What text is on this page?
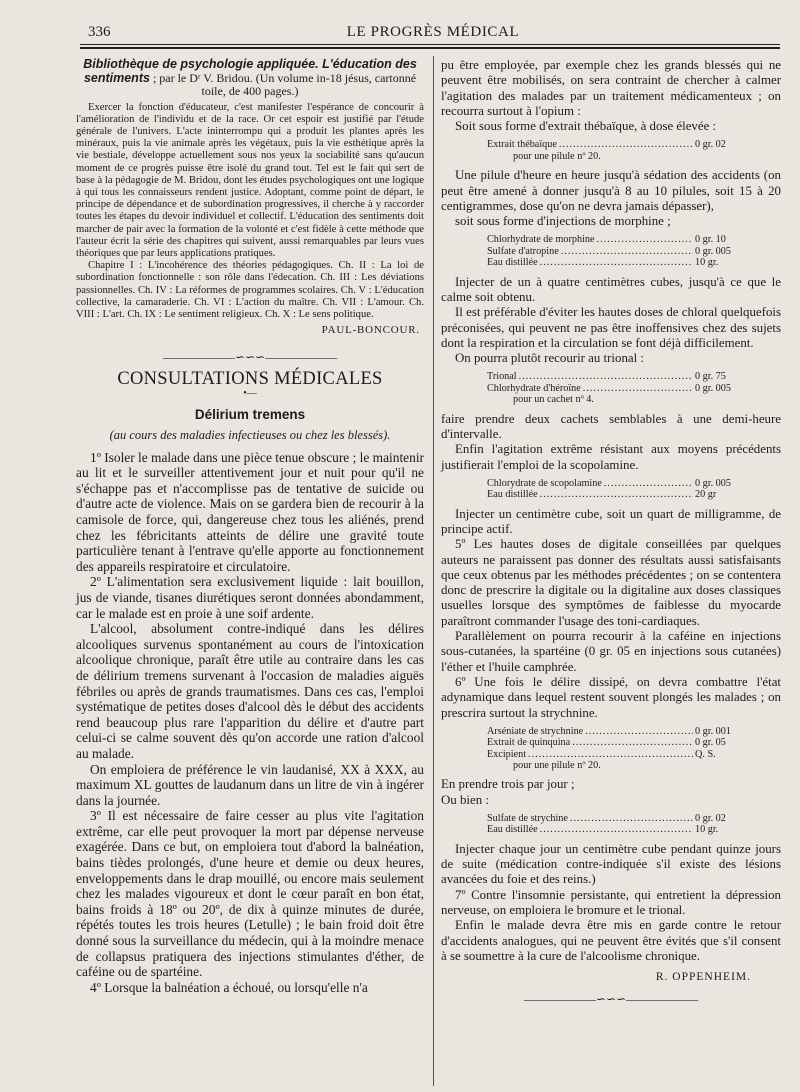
336	LE PROGRÈS MÉDICAL

Bibliothèque de psychologie appliquée. L'éducation des sentiments ; par le Dʳ V. Bridou. (Un volume in-18 jésus, cartonné toile, de 400 pages.)

Exercer la fonction d'éducateur, c'est manifester l'espérance de concourir à l'amélioration de l'individu et de la race. Or cet espoir est justifié par l'étude générale de l'univers. L'acte ininterrompu qui a produit les plantes après les minéraux, puis la vie animale après les végétaux, puis la vie esthétique après la vie bestiale, développe actuellement sous nos yeux la sociabilité sans qu'aucun moment de ce progrès puisse être isolé du grand tout. Tel est le fait qui sert de base à la pédagogie de M. Bridou, dont les études psychologiques ont une logique à qui tous les connaisseurs rendent justice. Adoptant, comme point de départ, le principe de dépendance et de subordination progressives, il cherche à y raccorder toutes les étapes du devoir individuel et collectif. L'éducation des sentiments doit marcher de pair avec la formation de la volonté et c'est fidèle à cette méthode que l'auteur écrit la série des chapitres qui suivent, aussi remarquables par leurs vues théoriques que par leurs applications pratiques.

Chapitre I : L'incohérence des théories pédagogiques. Ch. II : La loi de subordination fonctionnelle : son rôle dans l'édecation. Ch. III : Les déviations passionnelles. Ch. IV : La réformes de programmes scolaires. Ch. V : L'éducation collective, la camaraderie. Ch. VI : L'action du maître. Ch. VII : L'amour. Ch. VIII : L'art. Ch. IX : Le sentiment religieux. Ch. X : Le sens politique.

PAUL-BONCOUR.
——————∽∽∽——————
CONSULTATIONS MÉDICALES
•—
Délirium tremens
(au cours des maladies infectieuses ou chez les blessés).

1º Isoler le malade dans une pièce tenue obscure ; le maintenir au lit et le surveiller attentivement jour et nuit pour qu'il ne s'échappe pas et n'accomplisse pas de tentative de suicide ou d'autre acte de violence. Mais on se gardera bien de recourir à la camisole de force, qui, dangereuse chez tous les aliénés, prend chez les fébricitants atteints de délire une gravité toute particulière tenant à l'entrave qu'elle apporte au fonctionnement des appareils respiratoire et circulatoire.

2º L'alimentation sera exclusivement liquide : lait bouillon, jus de viande, tisanes diurétiques seront données abondamment, car le malade est en proie à une soif ardente.

L'alcool, absolument contre-indiqué dans les délires alcooliques survenus spontanément au cours de l'intoxication alcoolique chronique, paraît être utile au contraire dans les cas de délirium tremens survenant à l'occasion de maladies aiguës fébriles ou après de grands traumatismes. Dans ces cas, l'emploi systématique de petites doses d'alcool dès le début des accidents rend beaucoup plus rare l'apparition du délire et d'autre part celui-ci se calme souvent dès qu'on accorde une ration d'alcool au malade.

On emploiera de préférence le vin laudanisé, XX à XXX, au maximum XL gouttes de laudanum dans un litre de vin à ingérer dans la journée.

3º Il est nécessaire de faire cesser au plus vite l'agitation extrême, car elle peut provoquer la mort par dépense nerveuse exagérée. Dans ce but, on emploiera tout d'abord la balnéation, bains tièdes prolongés, d'une heure et demie ou deux heures, enveloppements dans le drap mouillé, ou encore mais seulement chez les malades vigoureux et dont le cœur paraît en bon état, bains froids à 18º ou 20º, de dix à quinze minutes de durée, répétés toutes les trois heures (Letulle) ; le bain froid doit être donné sous la surveillance du médecin, qui à la moindre menace de collapsus pratiquera des injections stimulantes d'éther, de caféine ou de spartéine.

4º Lorsque la balnéation a échoué, ou lorsqu'elle n'a

pu être employée, par exemple chez les grands blessés qui ne peuvent être mobilisés, on sera contraint de chercher à calmer l'agitation des malades par un traitement médicamenteux ; on recourra surtout à l'opium :

Soit sous forme d'extrait thébaïque, à dose élevée :

Extrait thébaïque .....	0 gr. 02
pour une pilule nº 20.

Une pilule d'heure en heure jusqu'à sédation des accidents (on peut être amené à donner jusqu'à 8 au 10 pilules, soit 15 à 20 centigrammes, dose qu'on ne devra jamais dépasser),

soit sous forme d'injections de morphine ;

Chlorhydrate de morphine .....	0 gr. 10
Sulfate d'atropine .....	0 gr. 005
Eau distillée .....	10 gr.

Injecter de un à quatre centimètres cubes, jusqu'à ce que le calme soit obtenu.

Il est préférable d'éviter les hautes doses de chloral quelquefois préconisées, qui peuvent ne pas être inoffensives chez des sujets dont la respiration et la circulation se font déjà difficilement.

On pourra plutôt recourir au trional :

Trional .....	0 gr. 75
Chlorhydrate d'héroïne .....	0 gr. 005
pour un cachet nº 4.

faire prendre deux cachets semblables à une demi-heure d'intervalle.

Enfin l'agitation extrême résistant aux moyens précédents justifierait l'emploi de la scopolamine.

Chlorydrate de scopolamine .....	0 gr. 005
Eau distillée .....	20 gr

Injecter un centimètre cube, soit un quart de milligramme, de principe actif.

5º Les hautes doses de digitale conseillées par quelques auteurs ne paraissent pas donner des résultats aussi satisfaisants que ceux obtenus par les méthodes précédentes ; on se contentera donc de prescrire la digitale ou la digitaline aux doses classiques usuelles lorsque des symptômes de faiblesse du myocarde paraîtront commander l'usage des toni-cardiaques.

Parallèlement on pourra recourir à la caféine en injections sous-cutanées, la spartéine (0 gr. 05 en injections sous cutanées) l'éther et l'huile camphrée.

6º Une fois le délire dissipé, on devra combattre l'état adynamique dans lequel restent souvent plongés les malades ; on prescrira surtout la strychnine.

Arséniate de strychnine .....	0 gr. 001
Extrait de quinquina .....	0 gr. 05
Excipient .....	Q. S.
pour une pilule nº 20.

En prendre trois par jour ;

Ou bien :

Sulfate de strychine .....	0 gr. 02
Eau distillée .....	10 gr.

Injecter chaque jour un centimètre cube pendant quinze jours de suite (médication contre-indiquée s'il existe des lésions avancées du foie et des reins.)

7º Contre l'insomnie persistante, qui entretient la dépression nerveuse, on emploiera le bromure et le trional.

Enfin le malade devra être mis en garde contre le retour d'accidents analogues, qui ne peuvent être évités que s'il consent à se soumettre à la cure de l'alcoolisme chronique.

R. OPPENHEIM.
——————∽∽∽——————
